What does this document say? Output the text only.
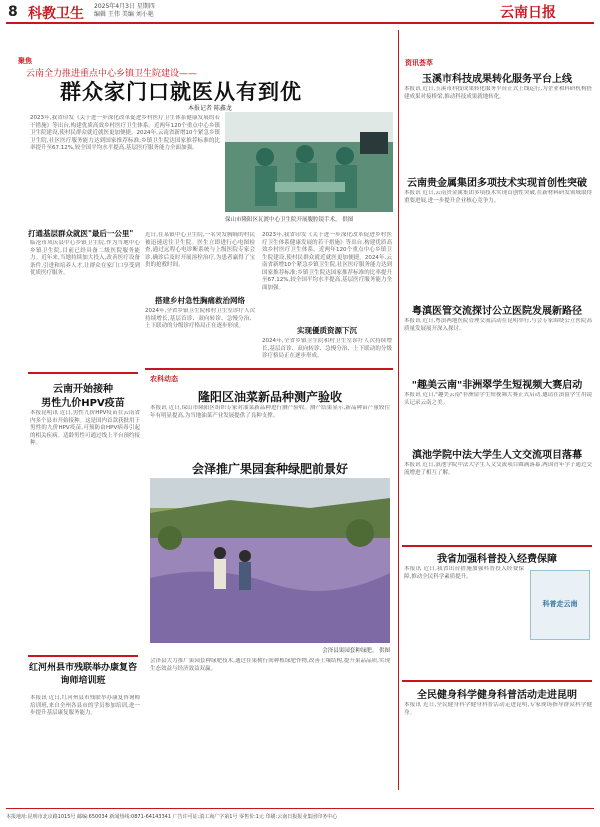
8 科教卫生 2025年4月3日 星期四
编辑 王伟 美编 刘小艳	云南日报
聚焦
云南全力推进重点中心乡镇卫生院建设——
群众家门口就医从有到优
本报记者 陈鑫龙
2023年,我省印发《关于进一步深化改革促进乡村医疗卫生体系健康发展的若干措施》等出台,构建优质高效乡村医疗卫生体系。近两年120个重点中心乡镇卫生院建设,使村民群众就近就医更加便捷。2024年,云南省新增10个紧急乡镇卫生院,社区医疗服务能力达到国家推荐标准;乡镇卫生院达国家推荐标准的比率提升至67.12%,较全国平均水平提高,基层医疗服务能力全面加强。
保山市隆阳区瓦渡中心卫生院开展腹腔镜手术。 供图
打通基层群众就医"最后一公里"
临沧市凤庆县中心乡镇卫生院,作为当地中心乡镇卫生院,目前已经具备二级医院服务能力。近年来,当地持续加大投入,改善医疗设备条件,引进和培养人才,让群众在家门口享受到优质医疗服务。
搭建乡村急性胸痛救治网络
近日,在某镇中心卫生院,一名突发胸痛的村民被迅速送往卫生院。医生立即进行心电图检查,通过远程心电诊断系统与上级医院专家会诊,确诊后及时开展溶栓治疗,为患者赢得了宝贵的抢救时间。
2024年,全省乡镇卫生院和村卫生室诊疗人次持续增长,基层首诊、双向转诊、急慢分治、上下联动的分级诊疗格局正在逐步形成。	实现優质资源下沉
2023年,我省印发《关于进一步深化改革促进乡村医疗卫生体系健康发展的若干措施》等出台,构建优质高效乡村医疗卫生体系。近两年120个重点中心乡镇卫生院建设,使村民群众就近就医更加便捷。2024年,云南省新增10个紧急乡镇卫生院,社区医疗服务能力达到国家推荐标准;乡镇卫生院达国家推荐标准的比率提升至67.12%,较全国平均水平提高,基层医疗服务能力全面加强。
2024年,全省乡镇卫生院和村卫生室诊疗人次持续增长,基层首诊、双向转诊、急慢分治、上下联动的分级诊疗格局正在逐步形成。
云南开始接种
男性九价HPV疫苗
本报昆明讯 近日,男性九价HPV疫苗在云南省内多个县市开始接种。这是国内首款获批用于男性的九价HPV疫苗,可预防由HPV病毒引起的相关疾病。适龄男性可通过线上平台预约接种。
红河州县市残联举办康复咨询师培训班
本报讯 近日,红河州县市残联举办康复咨询师培训班,来自全州各县市的学员参加培训,进一步提升基层康复服务能力。
农科动态
隆阳区油菜新品种测产验收
本报讯 近日,保山市隆阳区组织专家对油菜新品种进行测产验收。测产结果显示,新品种亩产量较往年有明显提高,为当地油菜产业发展提供了良种支撑。
会泽推广果园套种绿肥前景好
会泽县果园套种绿肥。 供图
会泽县大力推广果园套种绿肥技术,通过在果树行间种植绿肥作物,改善土壤结构,提升果品品质,实现生态效益与经济效益双赢。
资讯荟萃
玉溪市科技成果转化服务平台上线
本报讯 近日,玉溪市科技成果转化服务平台正式上线运行,为企业和科研机构搭建成果对接桥梁,推动科技成果就地转化。
云南贵金属集团多项技术实现首创性突破
本报讯 近日,云南贵金属集团多项技术实现首创性突破,在新材料研发领域取得重要进展,进一步提升企业核心竞争力。
粤滇医管交流探讨公立医院发展新路径
本报讯 近日,粤滇两地医院管理交流活动在昆明举行,与会专家围绕公立医院高质量发展展开深入探讨。
"趣美云南"非洲翠学生短视频大赛启动
本报讯 近日,"趣美云南"非洲留学生短视频大赛正式启动,邀请在滇留学生用镜头记录云南之美。
滇池学院中法大学生人文交流项目落幕
本报讯 近日,滇池学院中法大学生人文交流项目圆满落幕,两国青年学子通过交流增进了相互了解。
我省加强科普投入经费保障
本报讯 近日,我省出台措施加强科普投入经费保障,推动全民科学素质提升。
科普走云南
全民健身科学健身科普活动走进昆明
本报讯 近日,全民健身科学健身科普活动走进昆明,专家现场指导群众科学健身。
本报地址:昆明市北京路1015号 邮编:650034 新闻热线:0871-64143341 广告许可证:滇工商广字第1号 零售价:1元 印刷:云南日报报业集团印务中心
